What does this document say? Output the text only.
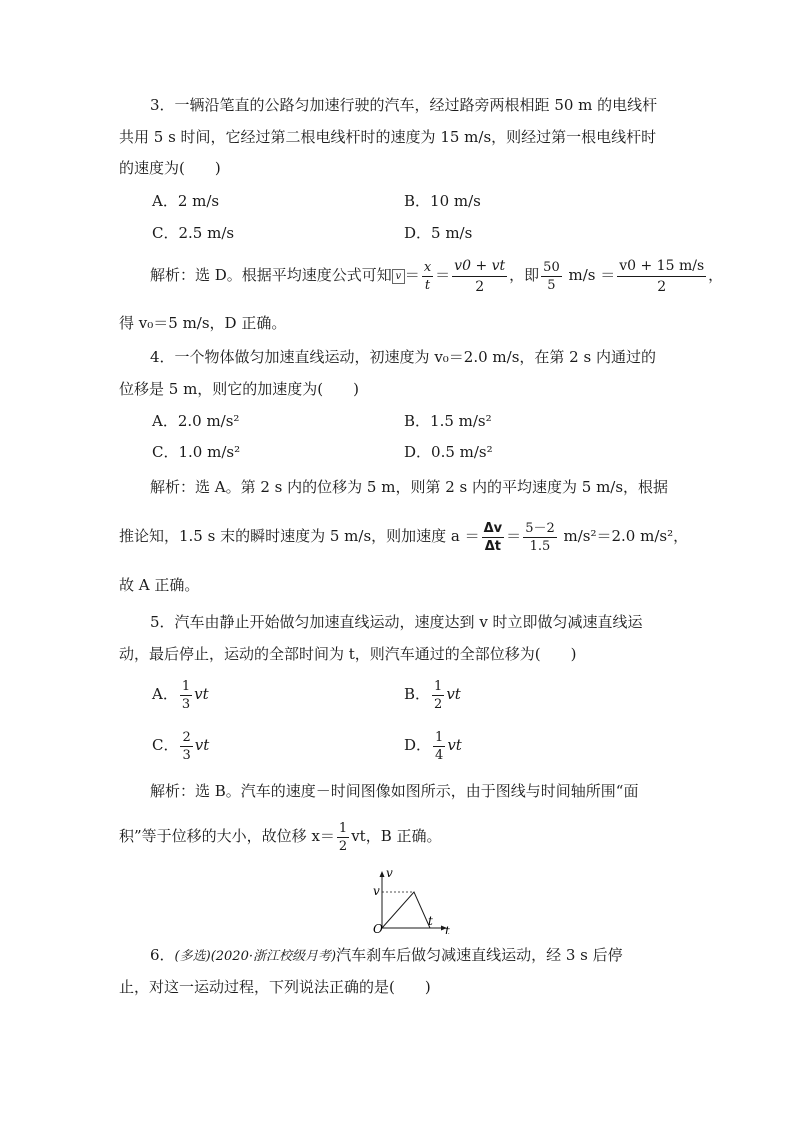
3．一辆沿笔直的公路匀加速行驶的汽车，经过路旁两根相距 50 m 的电线杆
共用 5 s 时间，它经过第二根电线杆时的速度为 15 m/s，则经过第一根电线杆时
的速度为(　　)
A．2 m/s	B．10 m/s
C．2.5 m/s	D．5 m/s
解析：选 D。根据平均速度公式可知 $v = \frac{x}{t} = \frac{v0 + vt}{2}$ ，即 $\frac{50}{5} m/s = \frac{v0 + 15 m/s}{2}$ ，
得 v₀＝5 m/s，D 正确。
4．一个物体做匀加速直线运动，初速度为 v₀＝2.0 m/s，在第 2 s 内通过的
位移是 5 m，则它的加速度为(　　)
A．2.0 m/s²	B．1.5 m/s²
C．1.0 m/s²	D．0.5 m/s²
解析：选 A。第 2 s 内的位移为 5 m，则第 2 s 内的平均速度为 5 m/s，根据
推论知，1.5 s 末的瞬时速度为 5 m/s，则加速度 $a = \frac{\Delta v}{\Delta t} = \frac{5-2}{1.5} m/s^2=2.0$ m/s²，
故 A 正确。
5．汽车由静止开始做匀加速直线运动，速度达到 v 时立即做匀减速直线运
动，最后停止，运动的全部时间为 t，则汽车通过的全部位移为(　　)
A． $\frac{1}{3}$ vt	B． $\frac{1}{2}$ vt
C． $\frac{2}{3}$ vt	D． $\frac{1}{4}$ vt
解析：选 B。汽车的速度－时间图像如图所示，由于图线与时间轴所围“面
积”等于位移的大小，故位移 $x= \frac{1}{2}$ vt，B 正确。
v
v
O
t
t
6．(多选)(2020·浙江校级月考)汽车刹车后做匀减速直线运动，经 3 s 后停
止，对这一运动过程，下列说法正确的是(　　)
